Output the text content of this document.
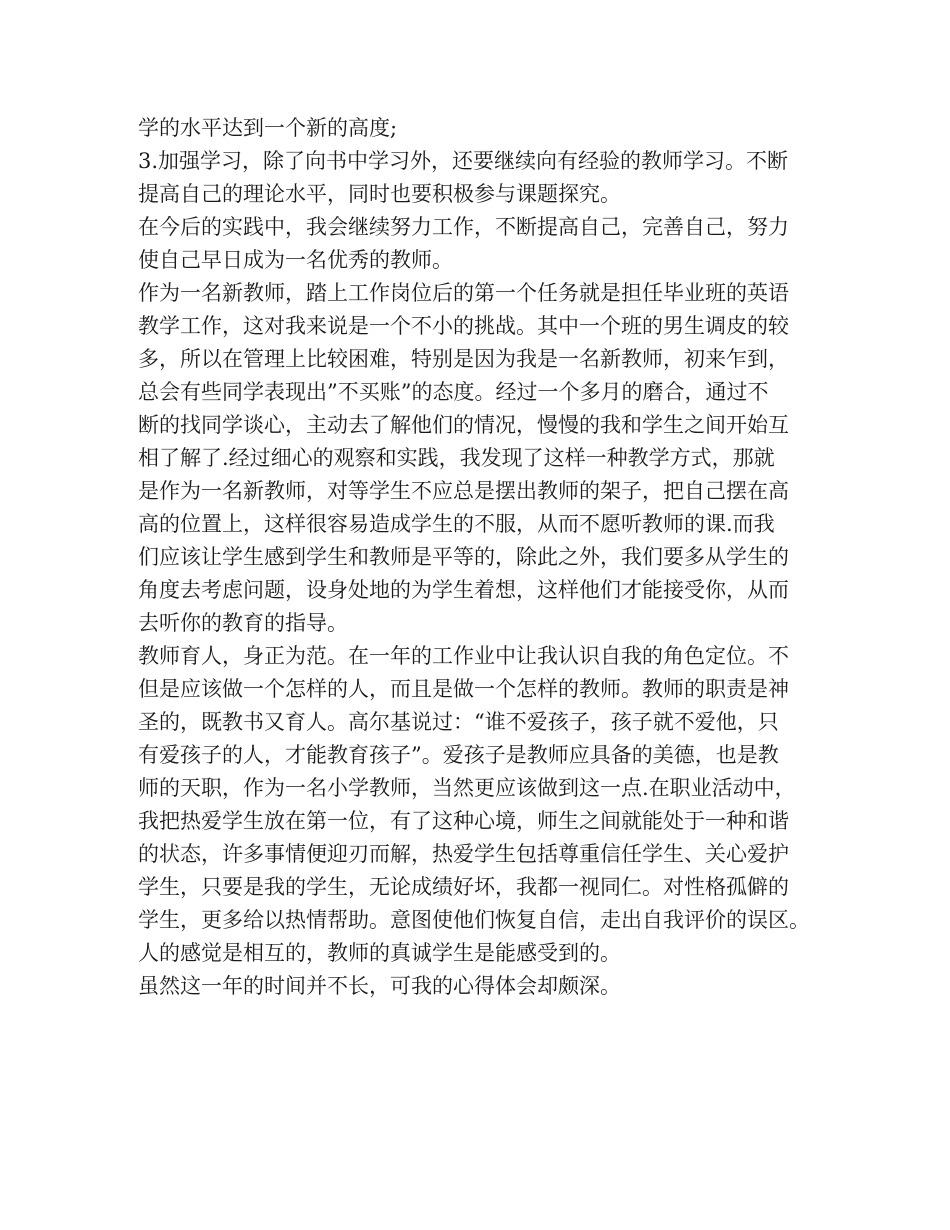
学的水平达到一个新的高度;
3.加强学习，除了向书中学习外，还要继续向有经验的教师学习。不断
提高自己的理论水平，同时也要积极参与课题探究。
在今后的实践中，我会继续努力工作，不断提高自己，完善自己，努力
使自己早日成为一名优秀的教师。
作为一名新教师，踏上工作岗位后的第一个任务就是担任毕业班的英语
教学工作，这对我来说是一个不小的挑战。其中一个班的男生调皮的较
多，所以在管理上比较困难，特别是因为我是一名新教师，初来乍到，
总会有些同学表现出”不买账”的态度。经过一个多月的磨合，通过不
断的找同学谈心，主动去了解他们的情况，慢慢的我和学生之间开始互
相了解了.经过细心的观察和实践，我发现了这样一种教学方式，那就
是作为一名新教师，对等学生不应总是摆出教师的架子，把自己摆在高
高的位置上，这样很容易造成学生的不服，从而不愿听教师的课.而我
们应该让学生感到学生和教师是平等的，除此之外，我们要多从学生的
角度去考虑问题，设身处地的为学生着想，这样他们才能接受你，从而
去听你的教育的指导。
教师育人，身正为范。在一年的工作业中让我认识自我的角色定位。不
但是应该做一个怎样的人，而且是做一个怎样的教师。教师的职责是神
圣的，既教书又育人。高尔基说过：“谁不爱孩子，孩子就不爱他，只
有爱孩子的人，才能教育孩子”。爱孩子是教师应具备的美德，也是教
师的天职，作为一名小学教师，当然更应该做到这一点.在职业活动中，
我把热爱学生放在第一位，有了这种心境，师生之间就能处于一种和谐
的状态，许多事情便迎刃而解，热爱学生包括尊重信任学生、关心爱护
学生，只要是我的学生，无论成绩好坏，我都一视同仁。对性格孤僻的
学生，更多给以热情帮助。意图使他们恢复自信，走出自我评价的误区。
人的感觉是相互的，教师的真诚学生是能感受到的。
虽然这一年的时间并不长，可我的心得体会却颇深。
